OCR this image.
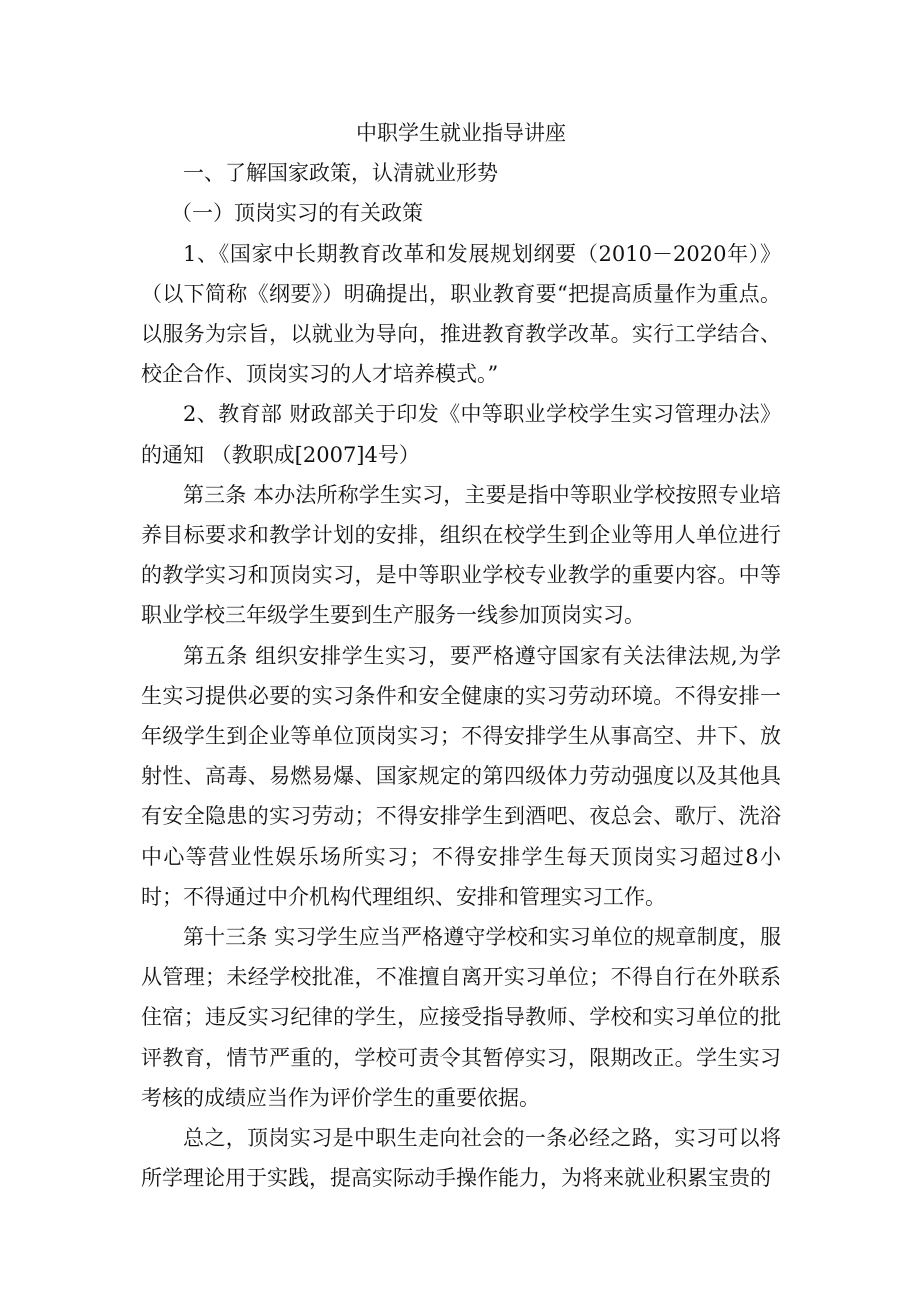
中职学生就业指导讲座

一、了解国家政策，认清就业形势

（一）顶岗实习的有关政策

1、《国家中长期教育改革和发展规划纲要（2010－2020年）》（以下简称《纲要》）明确提出，职业教育要“把提高质量作为重点。以服务为宗旨，以就业为导向，推进教育教学改革。实行工学结合、校企合作、顶岗实习的人才培养模式。”

2、教育部 财政部关于印发《中等职业学校学生实习管理办法》的通知 （教职成[2007]4号）

第三条 本办法所称学生实习，主要是指中等职业学校按照专业培养目标要求和教学计划的安排，组织在校学生到企业等用人单位进行的教学实习和顶岗实习，是中等职业学校专业教学的重要内容。中等职业学校三年级学生要到生产服务一线参加顶岗实习。

第五条 组织安排学生实习，要严格遵守国家有关法律法规,为学生实习提供必要的实习条件和安全健康的实习劳动环境。不得安排一年级学生到企业等单位顶岗实习；不得安排学生从事高空、井下、放射性、高毒、易燃易爆、国家规定的第四级体力劳动强度以及其他具有安全隐患的实习劳动；不得安排学生到酒吧、夜总会、歌厅、洗浴中心等营业性娱乐场所实习；不得安排学生每天顶岗实习超过8小时；不得通过中介机构代理组织、安排和管理实习工作。

第十三条 实习学生应当严格遵守学校和实习单位的规章制度，服从管理；未经学校批准，不准擅自离开实习单位；不得自行在外联系住宿；违反实习纪律的学生，应接受指导教师、学校和实习单位的批评教育，情节严重的，学校可责令其暂停实习，限期改正。学生实习考核的成绩应当作为评价学生的重要依据。

总之，顶岗实习是中职生走向社会的一条必经之路，实习可以将所学理论用于实践，提高实际动手操作能力，为将来就业积累宝贵的
